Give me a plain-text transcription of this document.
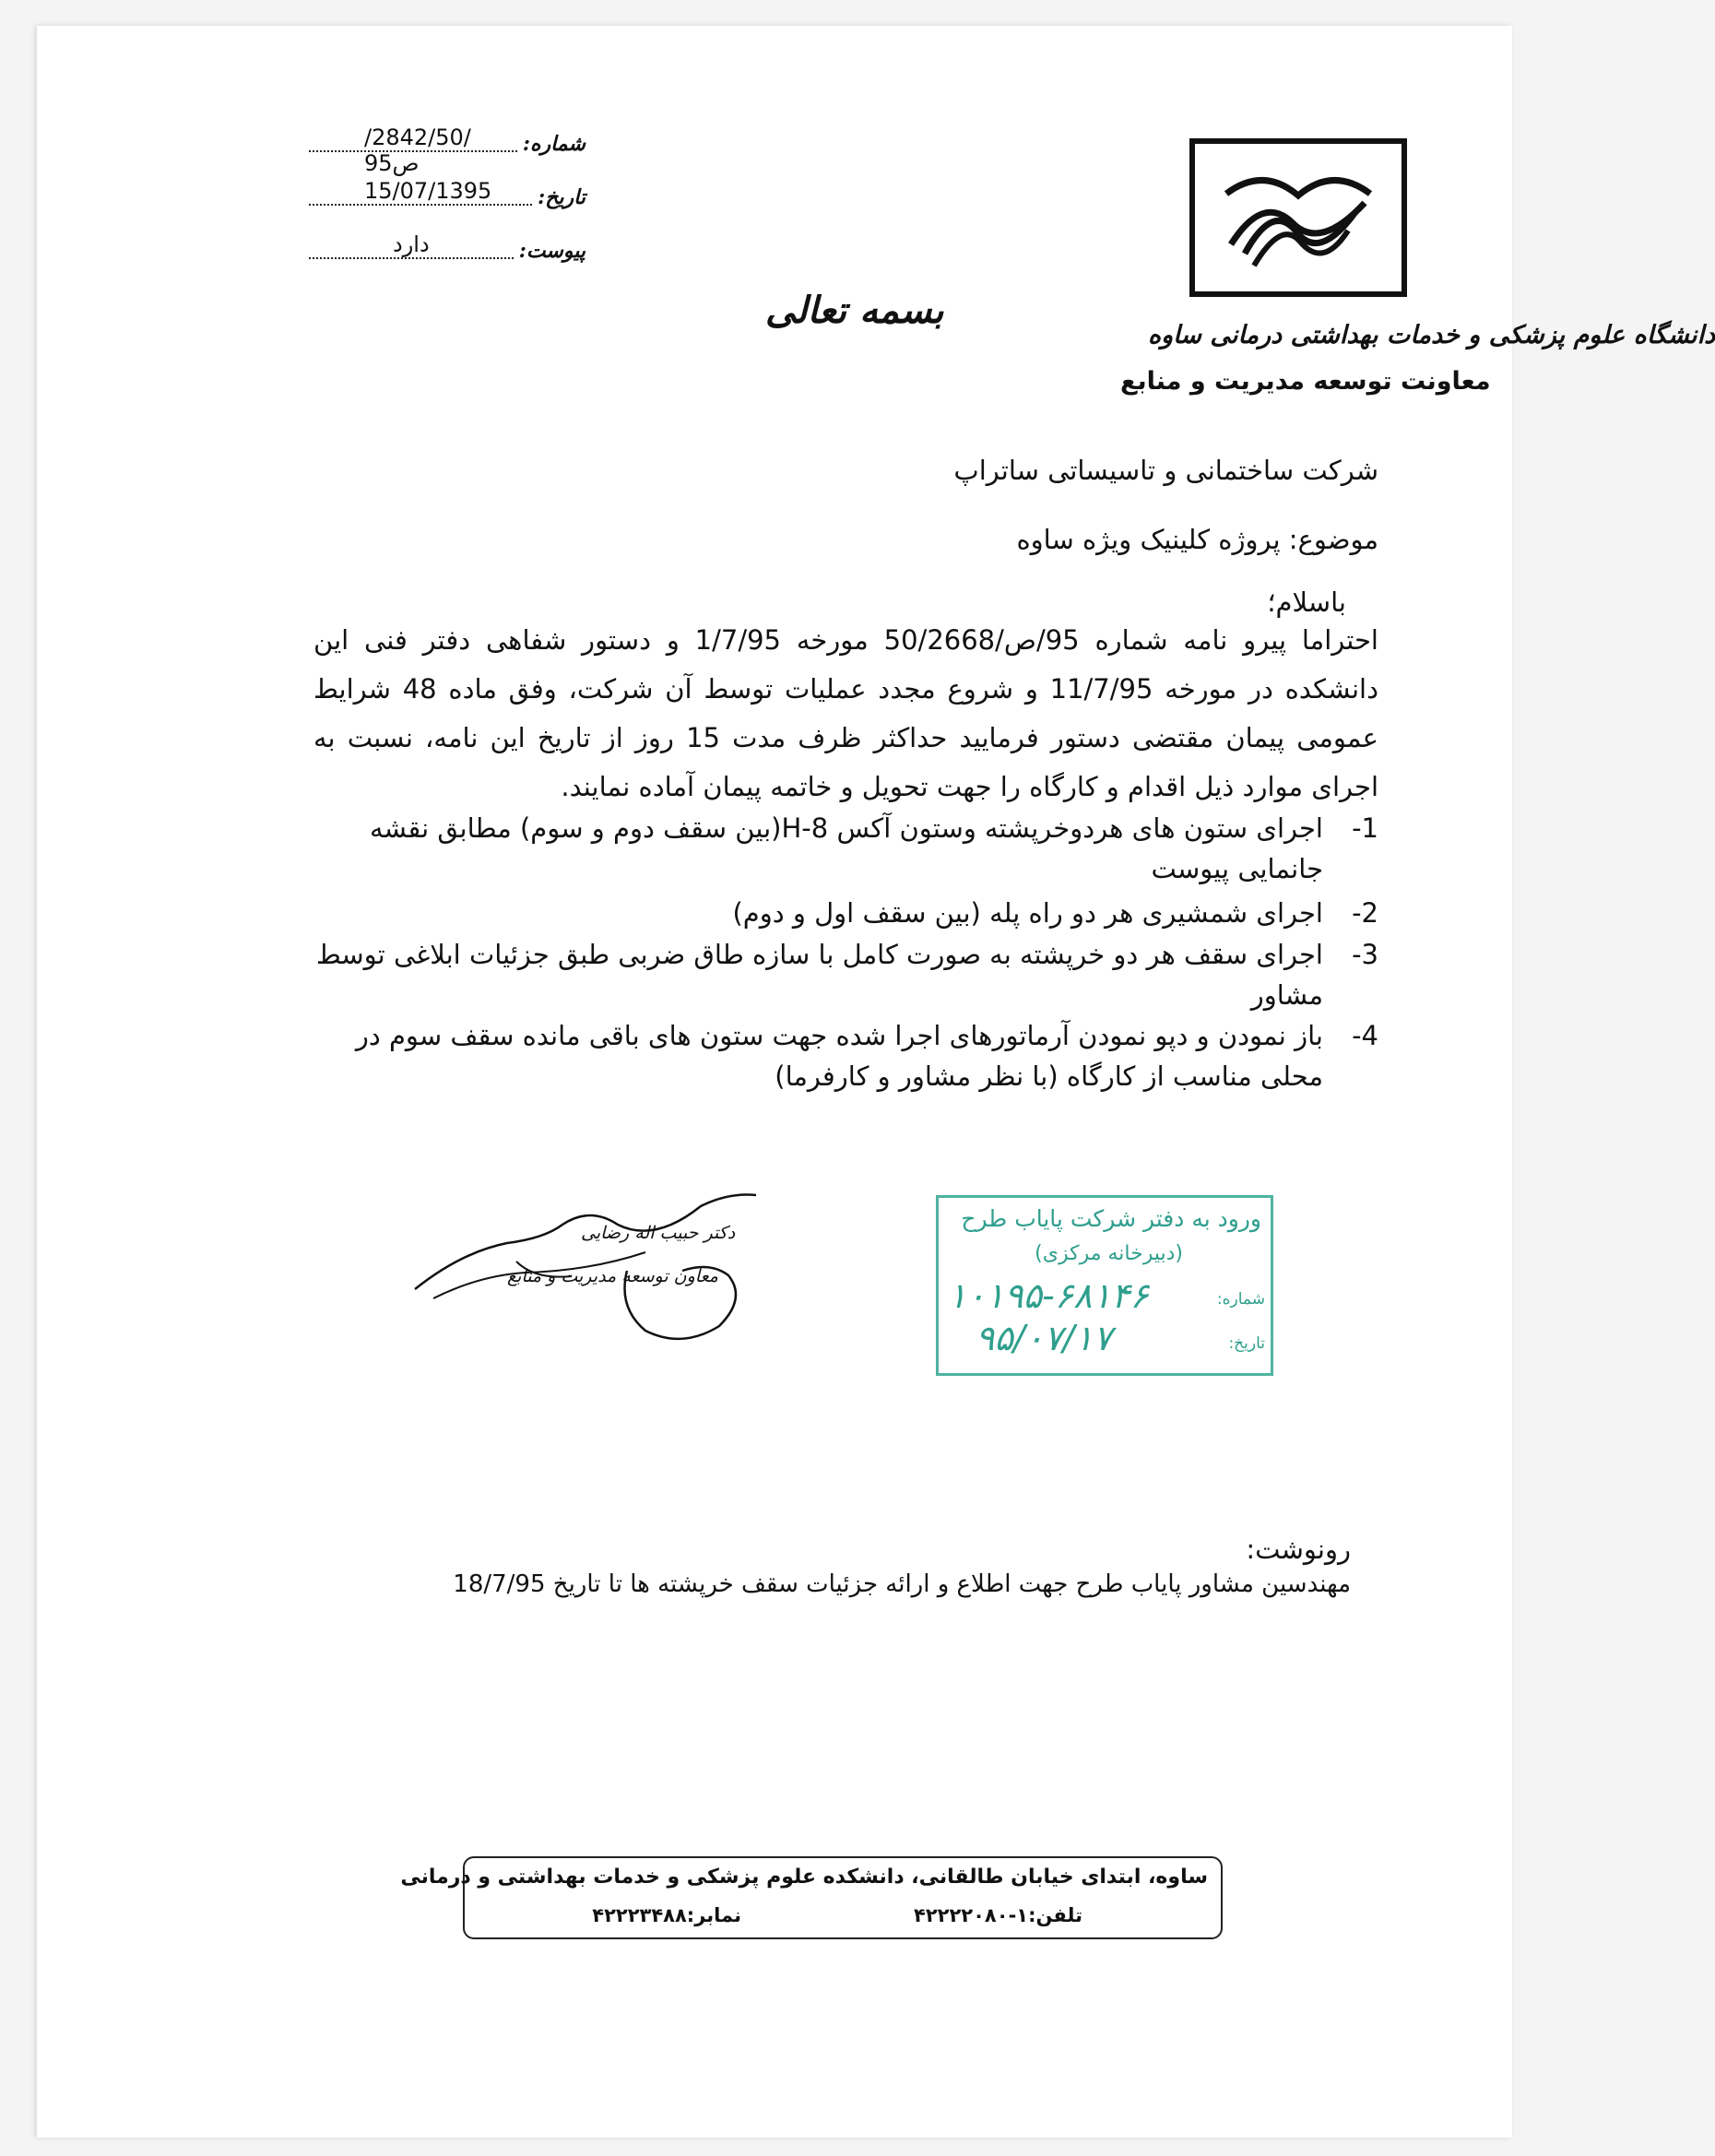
شماره:
/2842/50/ص95
تاریخ:
15/07/1395
پیوست:
دارد
بسمه تعالی
دانشگاه علوم پزشکی و خدمات بهداشتی درمانی ساوه
معاونت توسعه مدیریت و منابع
شرکت ساختمانی و تاسیساتی ساتراپ
موضوع: پروژه کلینیک ویژه ساوه
باسلام؛
احتراما پیرو نامه شماره 95/ص/50/2668 مورخه 1/7/95 و دستور شفاهی دفتر فنی این دانشکده در مورخه 11/7/95 و شروع مجدد عملیات توسط آن شرکت، وفق ماده 48 شرایط عمومی پیمان مقتضی دستور فرمایید حداکثر ظرف مدت 15 روز از تاریخ این نامه، نسبت به اجرای موارد ذیل اقدام و کارگاه را جهت تحویل و خاتمه پیمان آماده نمایند.
-1
اجرای ستون های هردوخرپشته وستون آکس H-8(بین سقف دوم و سوم) مطابق نقشه جانمایی پیوست
-2
اجرای شمشیری هر دو راه پله (بین سقف اول و دوم)
-3
اجرای سقف هر دو خرپشته به صورت کامل با سازه طاق ضربی طبق جزئیات ابلاغی توسط مشاور
-4
باز نمودن و دپو نمودن آرماتورهای اجرا شده جهت ستون های باقی مانده سقف سوم در محلی مناسب از کارگاه (با نظر مشاور و کارفرما)
دکتر حبیب اله رضایی
معاون توسعه مدیریت و منابع
ورود به دفتر شرکت پایاب طرح
(دبیرخانه مرکزی)
شماره:
۱۰۱۹۵-۶۸۱۴۶
تاریخ:
۹۵/۰۷/۱۷
رونوشت:
مهندسین مشاور پایاب طرح جهت اطلاع و ارائه جزئیات سقف خرپشته ها تا تاریخ 18/7/95
ساوه، ابتدای خیابان طالقانی، دانشکده علوم پزشکی و خدمات بهداشتی و درمانی
تلفن:۱-۴۲۲۲۲۰۸۰
نمابر:۴۲۲۲۳۴۸۸
